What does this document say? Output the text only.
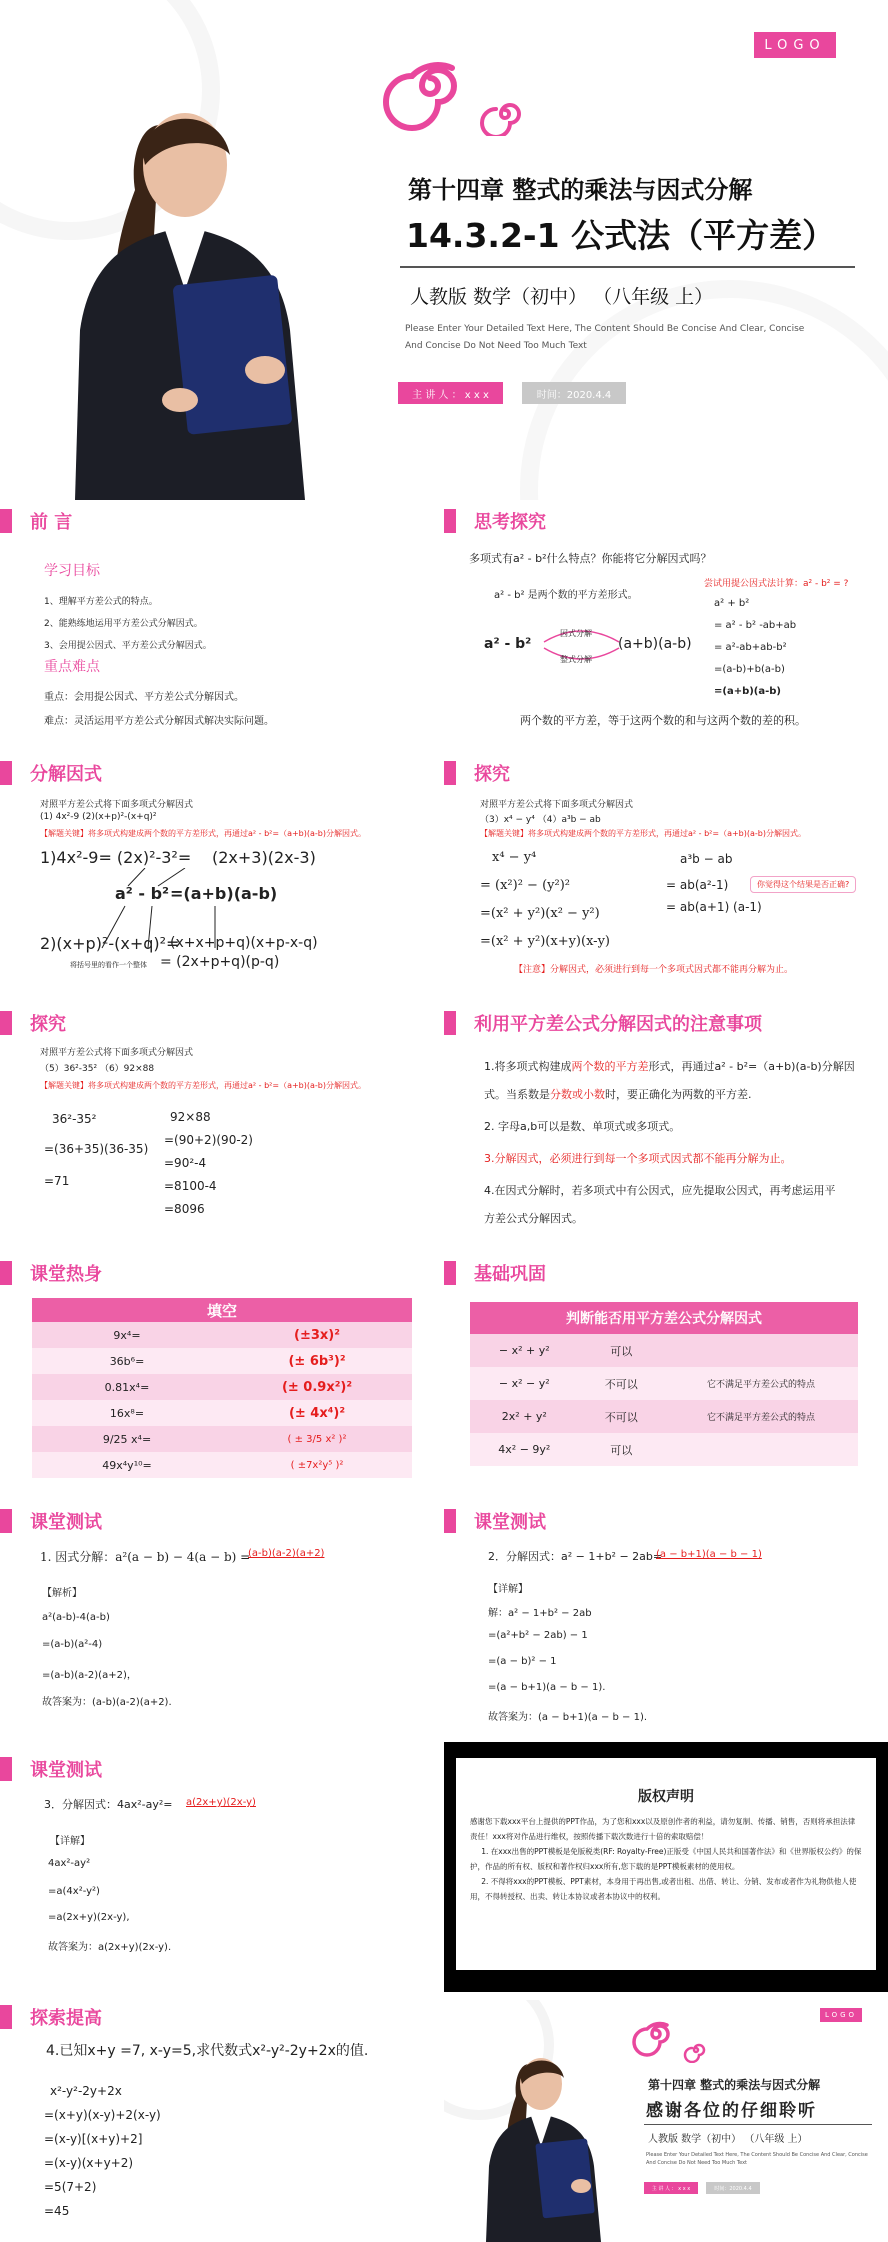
LOGO
第十四章 整式的乘法与因式分解
14.3.2-1 公式法（平方差）
人教版 数学（初中） （八年级 上）
Please Enter Your Detailed Text Here, The Content Should Be Concise And Clear, Concise
And Concise Do Not Need Too Much Text
主 讲 人 ： x x x	时间：2020.4.4
前 言
学习目标
1、理解平方差公式的特点。
2、能熟练地运用平方差公式分解因式。
3、会用提公因式、平方差公式分解因式。
重点难点
重点：会用提公因式、平方差公式分解因式。
难点：灵活运用平方差公式分解因式解决实际问题。
思考探究
多项式有a² - b²什么特点？你能将它分解因式吗？
a² - b² 是两个数的平方差形式。
尝试用提公因式法计算：a² - b² = ?
a² - b²	(a+b)(a-b)
因式分解
整式分解
a² + b²
= a² - b² -ab+ab
= a²-ab+ab-b²
=(a-b)+b(a-b)
=(a+b)(a-b)
两个数的平方差，等于这两个数的和与这两个数的差的积。
分解因式
对照平方差公式将下面多项式分解因式
(1) 4x²-9 (2)(x+p)²-(x+q)²
【解题关键】将多项式构建成两个数的平方差形式，再通过a² - b²=（a+b)(a-b)分解因式。
1)4x²-9= (2x)²-3²= (2x+3)(2x-3)
a² - b² =(a+b)(a-b)
2)(x+p)²-(x+q)²=
(x+x+p+q)(x+p-x-q)
= (2x+p+q)(p-q)
将括号里的看作一个整体
探究
对照平方差公式将下面多项式分解因式
（3）x⁴ − y⁴ （4）a³b − ab
【解题关键】将多项式构建成两个数的平方差形式，再通过a² - b²=（a+b)(a-b)分解因式。
x⁴ − y⁴
= (x²)² − (y²)²
=(x² + y²)(x² − y²)
=(x² + y²)(x+y)(x-y)
a³b − ab
= ab(a²-1)
= ab(a+1) (a-1)
你觉得这个结果是否正确?
【注意】分解因式，必须进行到每一个多项式因式都不能再分解为止。
探究
对照平方差公式将下面多项式分解因式
（5）36²-35² （6）92×88
【解题关键】将多项式构建成两个数的平方差形式，再通过a² - b²=（a+b)(a-b)分解因式。
36²-35²
=(36+35)(36-35)
=71
92×88
=(90+2)(90-2)
=90²-4
=8100-4
=8096
利用平方差公式分解因式的注意事项
1.将多项式构建成两个数的平方差形式，再通过a² - b²=（a+b)(a-b)分解因
式。当系数是分数或小数时，要正确化为两数的平方差.
2. 字母a,b可以是数、单项式或多项式。
3.分解因式，必须进行到每一个多项式因式都不能再分解为止。
4.在因式分解时，若多项式中有公因式，应先提取公因式，再考虑运用平
方差公式分解因式。
课堂热身
填空	
9x⁴=	(±3x)²
36b⁶=	(± 6b³)²
0.81x⁴=	(± 0.9x²)²
16x⁸=	(± 4x⁴)²
9/25 x⁴=	( ± 3/5 x² )²
49x⁴y¹⁰=	( ±7x²y⁵ )²
基础巩固
判断能否用平方差公式分解因式		
− x² + y²	可以	
− x² − y²	不可以	它不满足平方差公式的特点
2x² + y²	不可以	它不满足平方差公式的特点
4x² − 9y²	可以	
课堂测试
1. 因式分解：a²(a − b) − 4(a − b) =
(a-b)(a-2)(a+2)
【解析】
a²(a-b)-4(a-b)
=(a-b)(a²-4)
=(a-b)(a-2)(a+2)，
故答案为：(a-b)(a-2)(a+2).
课堂测试
2．分解因式：a² − 1+b² − 2ab=
(a − b+1)(a − b − 1)
【详解】
解：a² − 1+b² − 2ab
=(a²+b² − 2ab) − 1
=(a − b)² − 1
=(a − b+1)(a − b − 1).
故答案为：(a − b+1)(a − b − 1).
课堂测试
3．分解因式：4ax²-ay²= a(2x+y)(2x-y)
【详解】
4ax²-ay²
=a(4x²-y²)
=a(2x+y)(2x-y),
故答案为：a(2x+y)(2x-y).
版权声明
感谢您下载xxx平台上提供的PPT作品，为了您和xxx以及原创作者的利益，请勿复制、传播、销售，否则将承担法律责任！xxx将对作品进行维权，按照传播下载次数进行十倍的索取赔偿！
1. 在xxx出售的PPT模板是免版税类(RF: Royalty-Free)正版受《中国人民共和国著作法》和《世界版权公约》的保护，作品的所有权、版权和著作权归xxx所有,您下载的是PPT模板素材的使用权。
2. 不得将xxx的PPT模板、PPT素材，本身用于再出售,或者出租、出借、转让、分销、发布或者作为礼物供他人使用，不得转授权、出卖、转让本协议或者本协议中的权利。
探索提高
4.已知x+y =7, x-y=5,求代数式x²-y²-2y+2x的值.
x²-y²-2y+2x
=(x+y)(x-y)+2(x-y)
=(x-y)[(x+y)+2]
=(x-y)(x+y+2)
=5(7+2)
=45
LOGO
第十四章 整式的乘法与因式分解
感谢各位的仔细聆听
人教版 数学（初中） （八年级 上）
Please Enter Your Detailed Text Here, The Content Should Be Concise And Clear, Concise
And Concise Do Not Need Too Much Text
主 讲 人 ： x x x	时间：2020.4.4
